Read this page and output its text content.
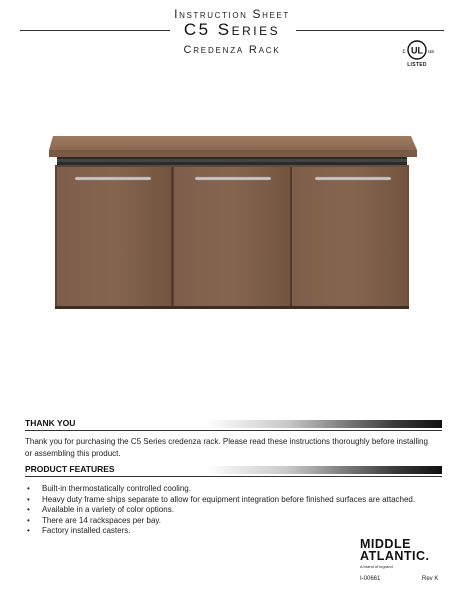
Instruction Sheet
C5 Series
Credenza Rack	UL
c	us
LISTED
THANK YOU
Thank you for purchasing the C5 Series credenza rack. Please read these instructions thoroughly before installing or assembling this product.
PRODUCT FEATURES
• Built-in thermostatically controlled cooling.
• Heavy duty frame ships separate to allow for equipment integration before finished surfaces are attached.
• Available in a variety of color options.
• There are 14 rackspaces per bay.
• Factory installed casters.
MIDDLE
ATLANTIC.
A brand of legrand
I-00661	Rev K
